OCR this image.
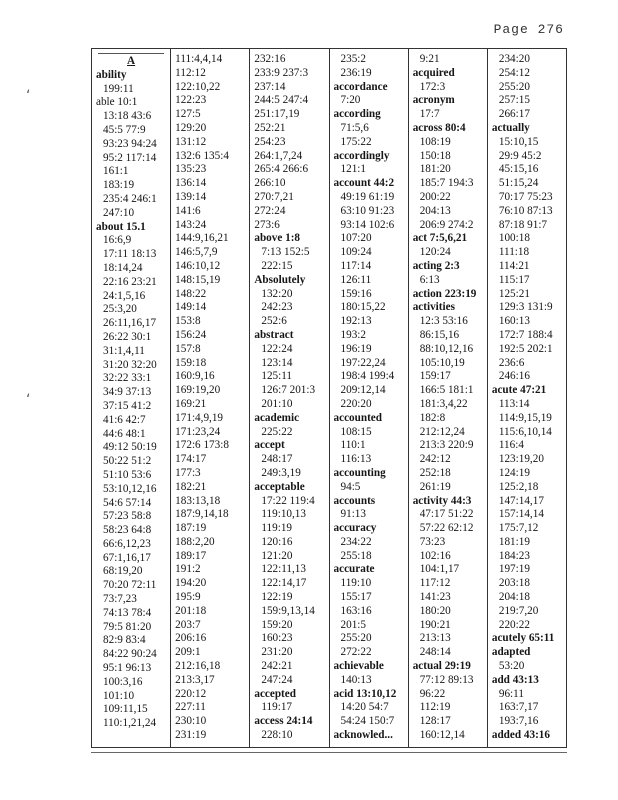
Page 276
‘
‘
A
ability
199:11
able 10:1
13:18 43:6
45:5 77:9
93:23 94:24
95:2 117:14
161:1
183:19
235:4 246:1
247:10
about 15.1
16:6,9
17:11 18:13
18:14,24
22:16 23:21
24:1,5,16
25:3,20
26:11,16,17
26:22 30:1
31:1,4,11
31:20 32:20
32:22 33:1
34:9 37:13
37:15 41:2
41:6 42:7
44:6 48:1
49:12 50:19
50:22 51:2
51:10 53:6
53:10,12,16
54:6 57:14
57:23 58:8
58:23 64:8
66:6,12,23
67:1,16,17
68:19,20
70:20 72:11
73:7,23
74:13 78:4
79:5 81:20
82:9 83:4
84:22 90:24
95:1 96:13
100:3,16
101:10
109:11,15
110:1,21,24
111:4,4,14
112:12
122:10,22
122:23
127:5
129:20
131:12
132:6 135:4
135:23
136:14
139:14
141:6
143:24
144:9,16,21
146:5,7,9
146:10,12
148:15,19
148:22
149:14
153:8
156:24
157:8
159:18
160:9,16
169:19,20
169:21
171:4,9,19
171:23,24
172:6 173:8
174:17
177:3
182:21
183:13,18
187:9,14,18
187:19
188:2,20
189:17
191:2
194:20
195:9
201:18
203:7
206:16
209:1
212:16,18
213:3,17
220:12
227:11
230:10
231:19
232:16
233:9 237:3
237:14
244:5 247:4
251:17,19
252:21
254:23
264:1,7,24
265:4 266:6
266:10
270:7,21
272:24
273:6
above 1:8
7:13 152:5
222:15
Absolutely
132:20
242:23
252:6
abstract
122:24
123:14
125:11
126:7 201:3
201:10
academic
225:22
accept
248:17
249:3,19
acceptable
17:22 119:4
119:10,13
119:19
120:16
121:20
122:11,13
122:14,17
122:19
159:9,13,14
159:20
160:23
231:20
242:21
247:24
accepted
119:17
access 24:14
228:10
235:2
236:19
accordance
7:20
according
71:5,6
175:22
accordingly
121:1
account 44:2
49:19 61:19
63:10 91:23
93:14 102:6
107:20
109:24
117:14
126:11
159:16
180:15,22
192:13
193:2
196:19
197:22,24
198:4 199:4
209:12,14
220:20
accounted
108:15
110:1
116:13
accounting
94:5
accounts
91:13
accuracy
234:22
255:18
accurate
119:10
155:17
163:16
201:5
255:20
272:22
achievable
140:13
acid 13:10,12
14:20 54:7
54:24 150:7
acknowled...
9:21
acquired
172:3
acronym
17:7
across 80:4
108:19
150:18
181:20
185:7 194:3
200:22
204:13
206:9 274:2
act 7:5,6,21
120:24
acting 2:3
6:13
action 223:19
activities
12:3 53:16
86:15,16
88:10,12,16
105:10,19
159:17
166:5 181:1
181:3,4,22
182:8
212:12,24
213:3 220:9
242:12
252:18
261:19
activity 44:3
47:17 51:22
57:22 62:12
73:23
102:16
104:1,17
117:12
141:23
180:20
190:21
213:13
248:14
actual 29:19
77:12 89:13
96:22
112:19
128:17
160:12,14
234:20
254:12
255:20
257:15
266:17
actually
15:10,15
29:9 45:2
45:15,16
51:15,24
70:17 75:23
76:10 87:13
87:18 91:7
100:18
111:18
114:21
115:17
125:21
129:3 131:9
160:13
172:7 188:4
192:5 202:1
236:6
246:16
acute 47:21
113:14
114:9,15,19
115:6,10,14
116:4
123:19,20
124:19
125:2,18
147:14,17
157:14,14
175:7,12
181:19
184:23
197:19
203:18
204:18
219:7,20
220:22
acutely 65:11
adapted
53:20
add 43:13
96:11
163:7,17
193:7,16
added 43:16
